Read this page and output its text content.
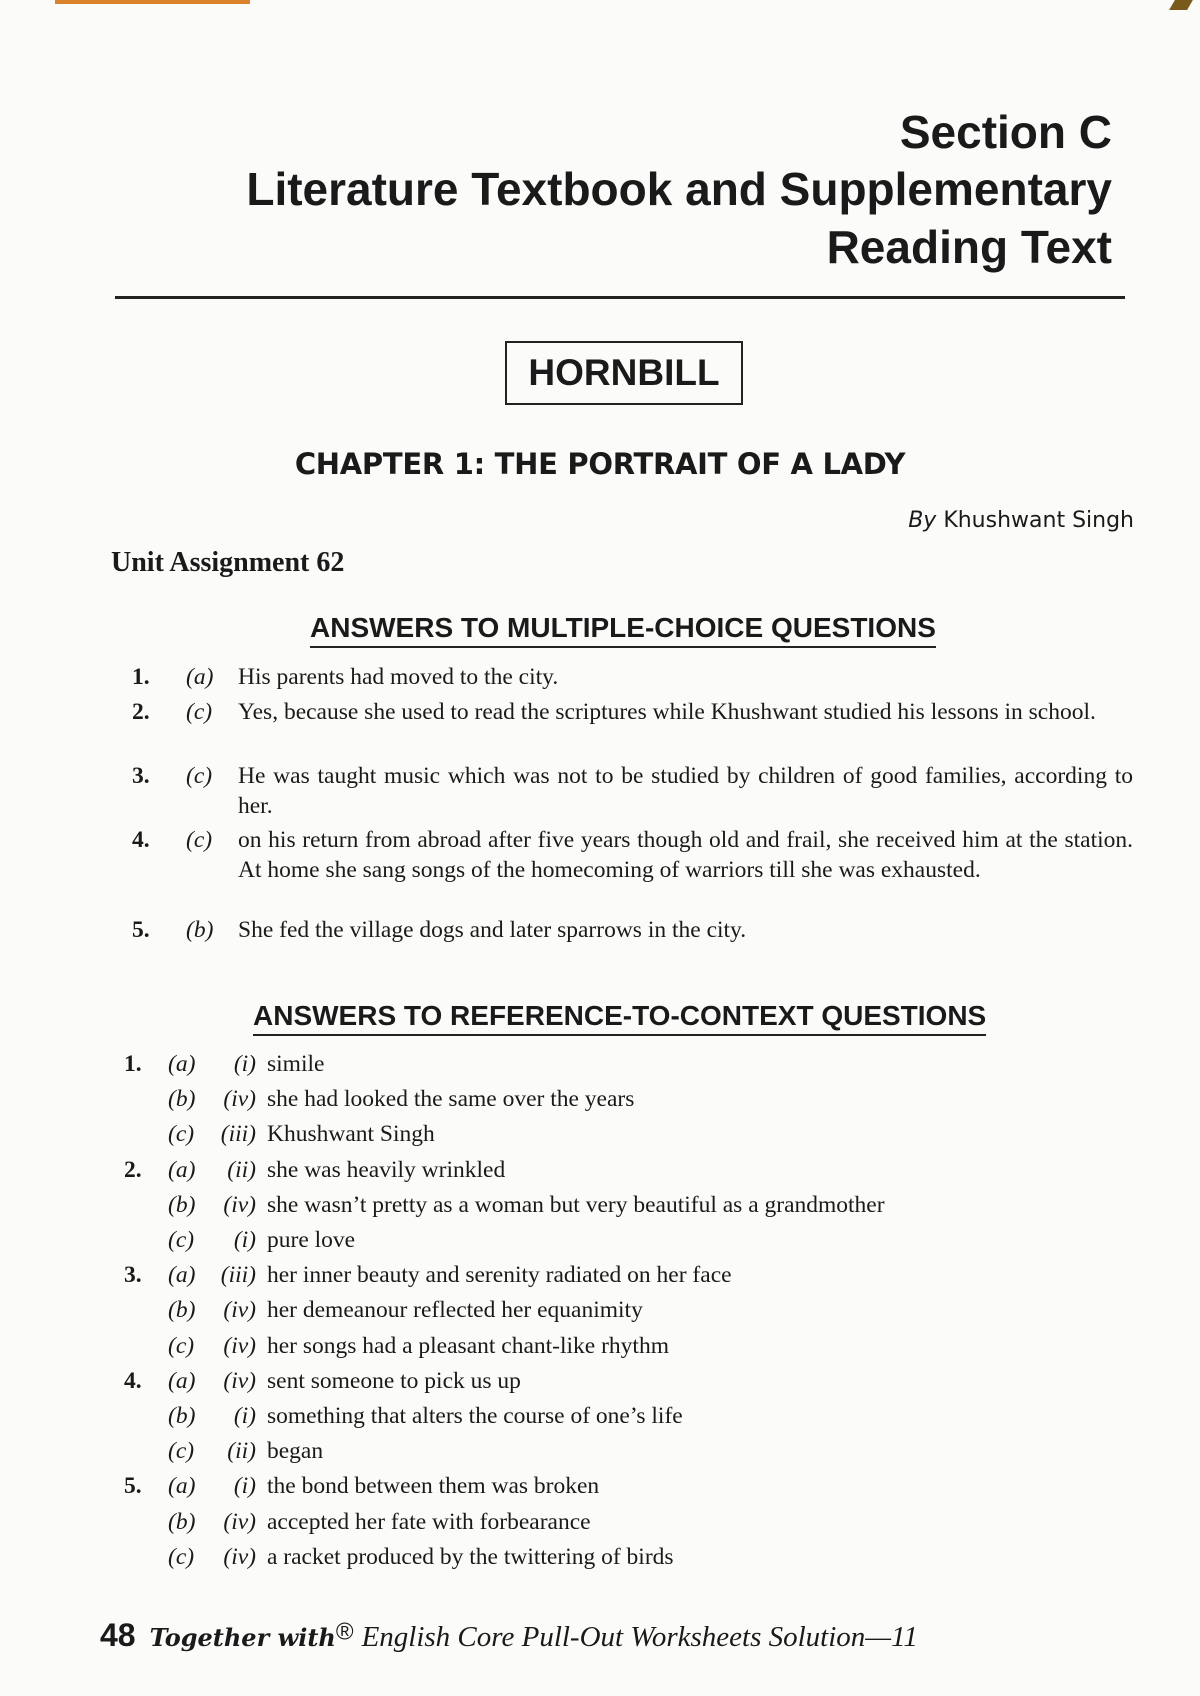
Section C
Literature Textbook and Supplementary
Reading Text
HORNBILL
CHAPTER 1: THE PORTRAIT OF A LADY
By Khushwant Singh
Unit Assignment 62
ANSWERS TO MULTIPLE-CHOICE QUESTIONS
1. (a) His parents had moved to the city.
2. (c) Yes, because she used to read the scriptures while Khushwant studied his lessons in school.
3. (c) He was taught music which was not to be studied by children of good families, according to her.
4. (c) on his return from abroad after five years though old and frail, she received him at the station. At home she sang songs of the homecoming of warriors till she was exhausted.
5. (b) She fed the village dogs and later sparrows in the city.
ANSWERS TO REFERENCE-TO-CONTEXT QUESTIONS
1. (a)	(i) simile
(b)	(iv) she had looked the same over the years
(c)	(iii) Khushwant Singh
2. (a)	(ii) she was heavily wrinkled
(b)	(iv) she wasn’t pretty as a woman but very beautiful as a grandmother
(c)	(i) pure love
3. (a)	(iii) her inner beauty and serenity radiated on her face
(b)	(iv) her demeanour reflected her equanimity
(c)	(iv) her songs had a pleasant chant-like rhythm
4. (a)	(iv) sent someone to pick us up
(b)	(i) something that alters the course of one’s life
(c)	(ii) began
5. (a)	(i) the bond between them was broken
(b)	(iv) accepted her fate with forbearance
(c)	(iv) a racket produced by the twittering of birds
48 Together with® English Core Pull-Out Worksheets Solution—11
